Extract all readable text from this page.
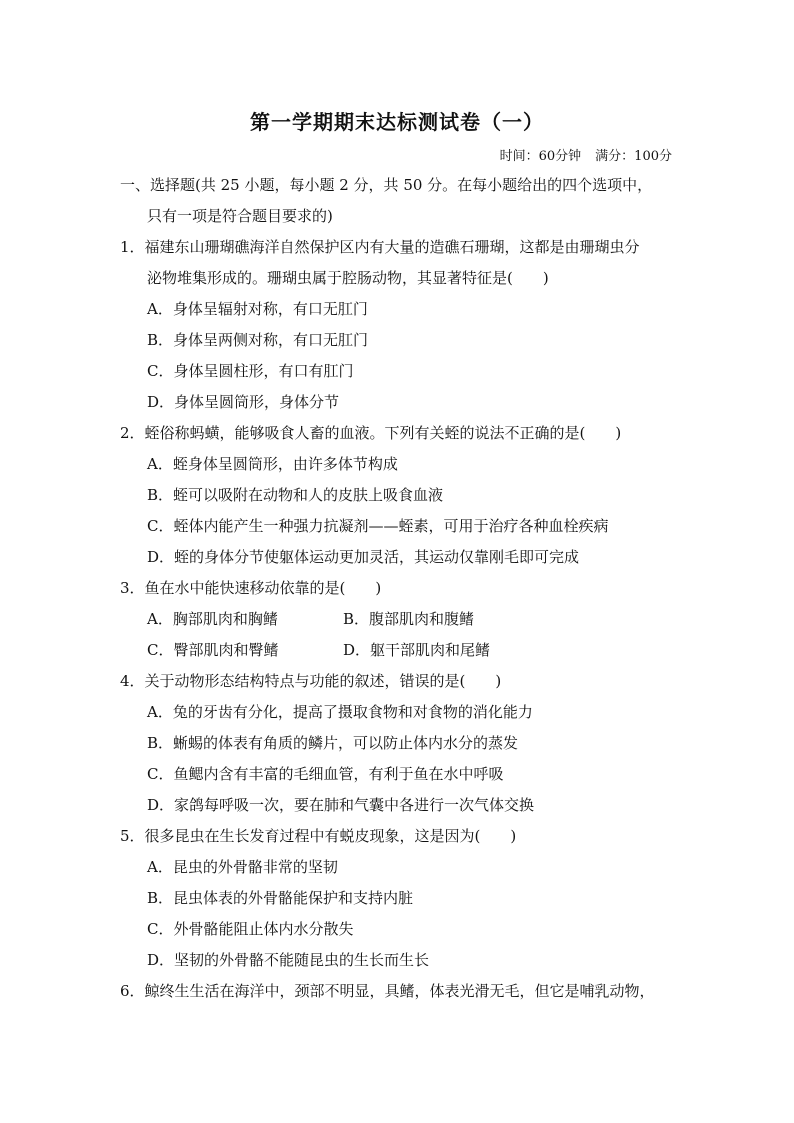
第一学期期末达标测试卷（一）
时间：60分钟 满分：100分
一、选择题(共 25 小题，每小题 2 分，共 50 分。在每小题给出的四个选项中，
只有一项是符合题目要求的)
1．福建东山珊瑚礁海洋自然保护区内有大量的造礁石珊瑚，这都是由珊瑚虫分
泌物堆集形成的。珊瑚虫属于腔肠动物，其显著特征是(　　)
A．身体呈辐射对称，有口无肛门
B．身体呈两侧对称，有口无肛门
C．身体呈圆柱形，有口有肛门
D．身体呈圆筒形，身体分节
2．蛭俗称蚂蟥，能够吸食人畜的血液。下列有关蛭的说法不正确的是(　　)
A．蛭身体呈圆筒形，由许多体节构成
B．蛭可以吸附在动物和人的皮肤上吸食血液
C．蛭体内能产生一种强力抗凝剂——蛭素，可用于治疗各种血栓疾病
D．蛭的身体分节使躯体运动更加灵活，其运动仅靠刚毛即可完成
3．鱼在水中能快速移动依靠的是(　　)
A．胸部肌肉和胸鳍	B．腹部肌肉和腹鳍
C．臀部肌肉和臀鳍	D．躯干部肌肉和尾鳍
4．关于动物形态结构特点与功能的叙述，错误的是(　　)
A．兔的牙齿有分化，提高了摄取食物和对食物的消化能力
B．蜥蜴的体表有角质的鳞片，可以防止体内水分的蒸发
C．鱼鳃内含有丰富的毛细血管，有利于鱼在水中呼吸
D．家鸽每呼吸一次，要在肺和气囊中各进行一次气体交换
5．很多昆虫在生长发育过程中有蜕皮现象，这是因为(　　)
A．昆虫的外骨骼非常的坚韧
B．昆虫体表的外骨骼能保护和支持内脏
C．外骨骼能阻止体内水分散失
D．坚韧的外骨骼不能随昆虫的生长而生长
6．鲸终生生活在海洋中，颈部不明显，具鳍，体表光滑无毛，但它是哺乳动物，
